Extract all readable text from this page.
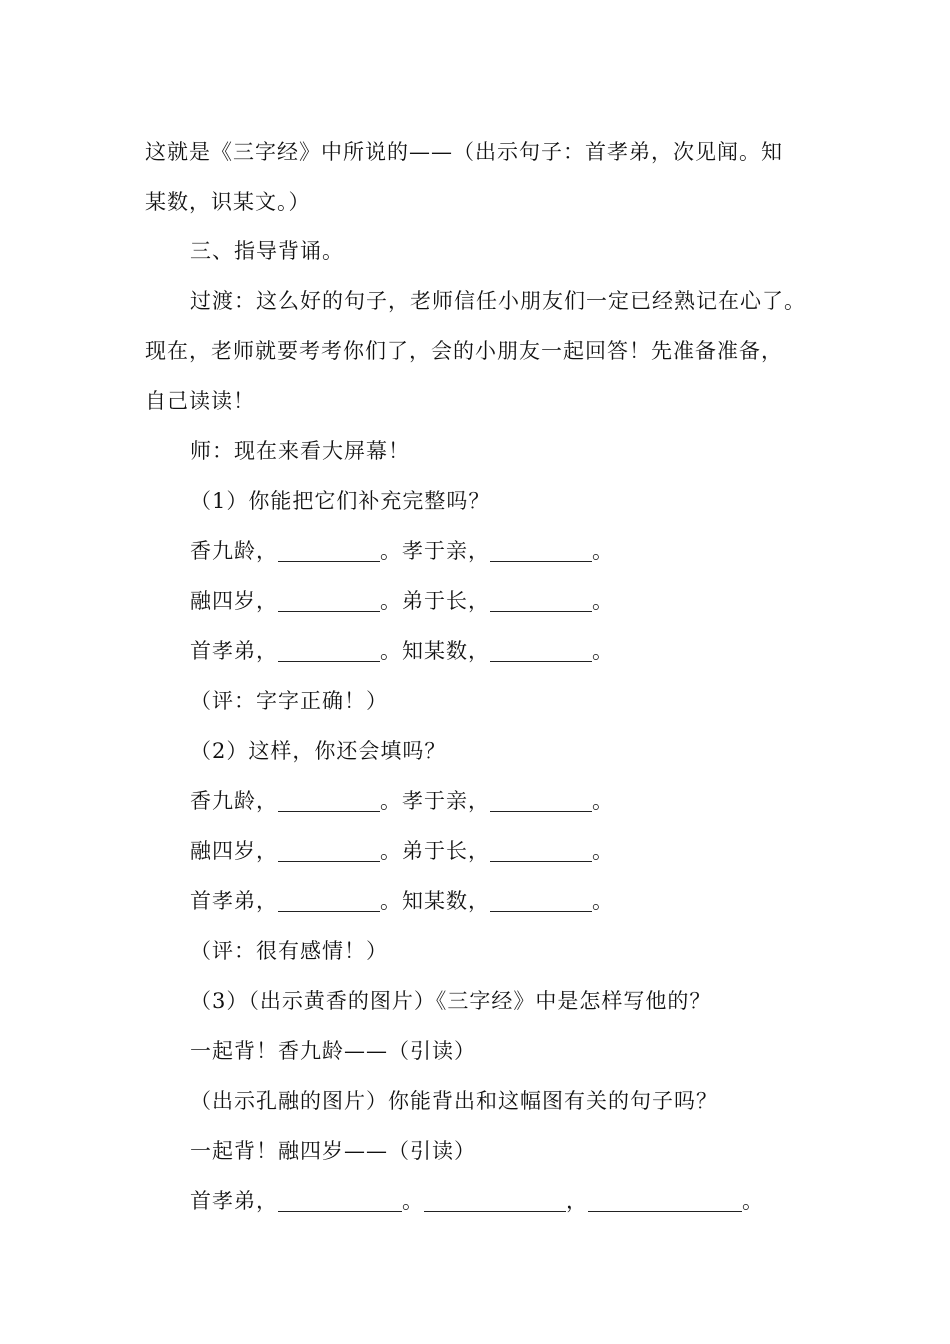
这就是《三字经》中所说的——（出示句子：首孝弟，次见闻。知
某数，识某文。）
三、指导背诵。
过渡：这么好的句子，老师信任小朋友们一定已经熟记在心了。
现在，老师就要考考你们了，会的小朋友一起回答！先准备准备，
自己读读！
师：现在来看大屏幕！
（1）你能把它们补充完整吗？
香九龄，	。孝于亲，	。
融四岁，	。弟于长，	。
首孝弟，	。知某数，	。
（评：字字正确！）
（2）这样，你还会填吗？
香九龄，	。孝于亲，	。
融四岁，	。弟于长，	。
首孝弟，	。知某数，	。
（评：很有感情！）
（3）（出示黄香的图片）《三字经》中是怎样写他的？
一起背！香九龄——（引读）
（出示孔融的图片）你能背出和这幅图有关的句子吗？
一起背！融四岁——（引读）
首孝弟，	。	，	。
